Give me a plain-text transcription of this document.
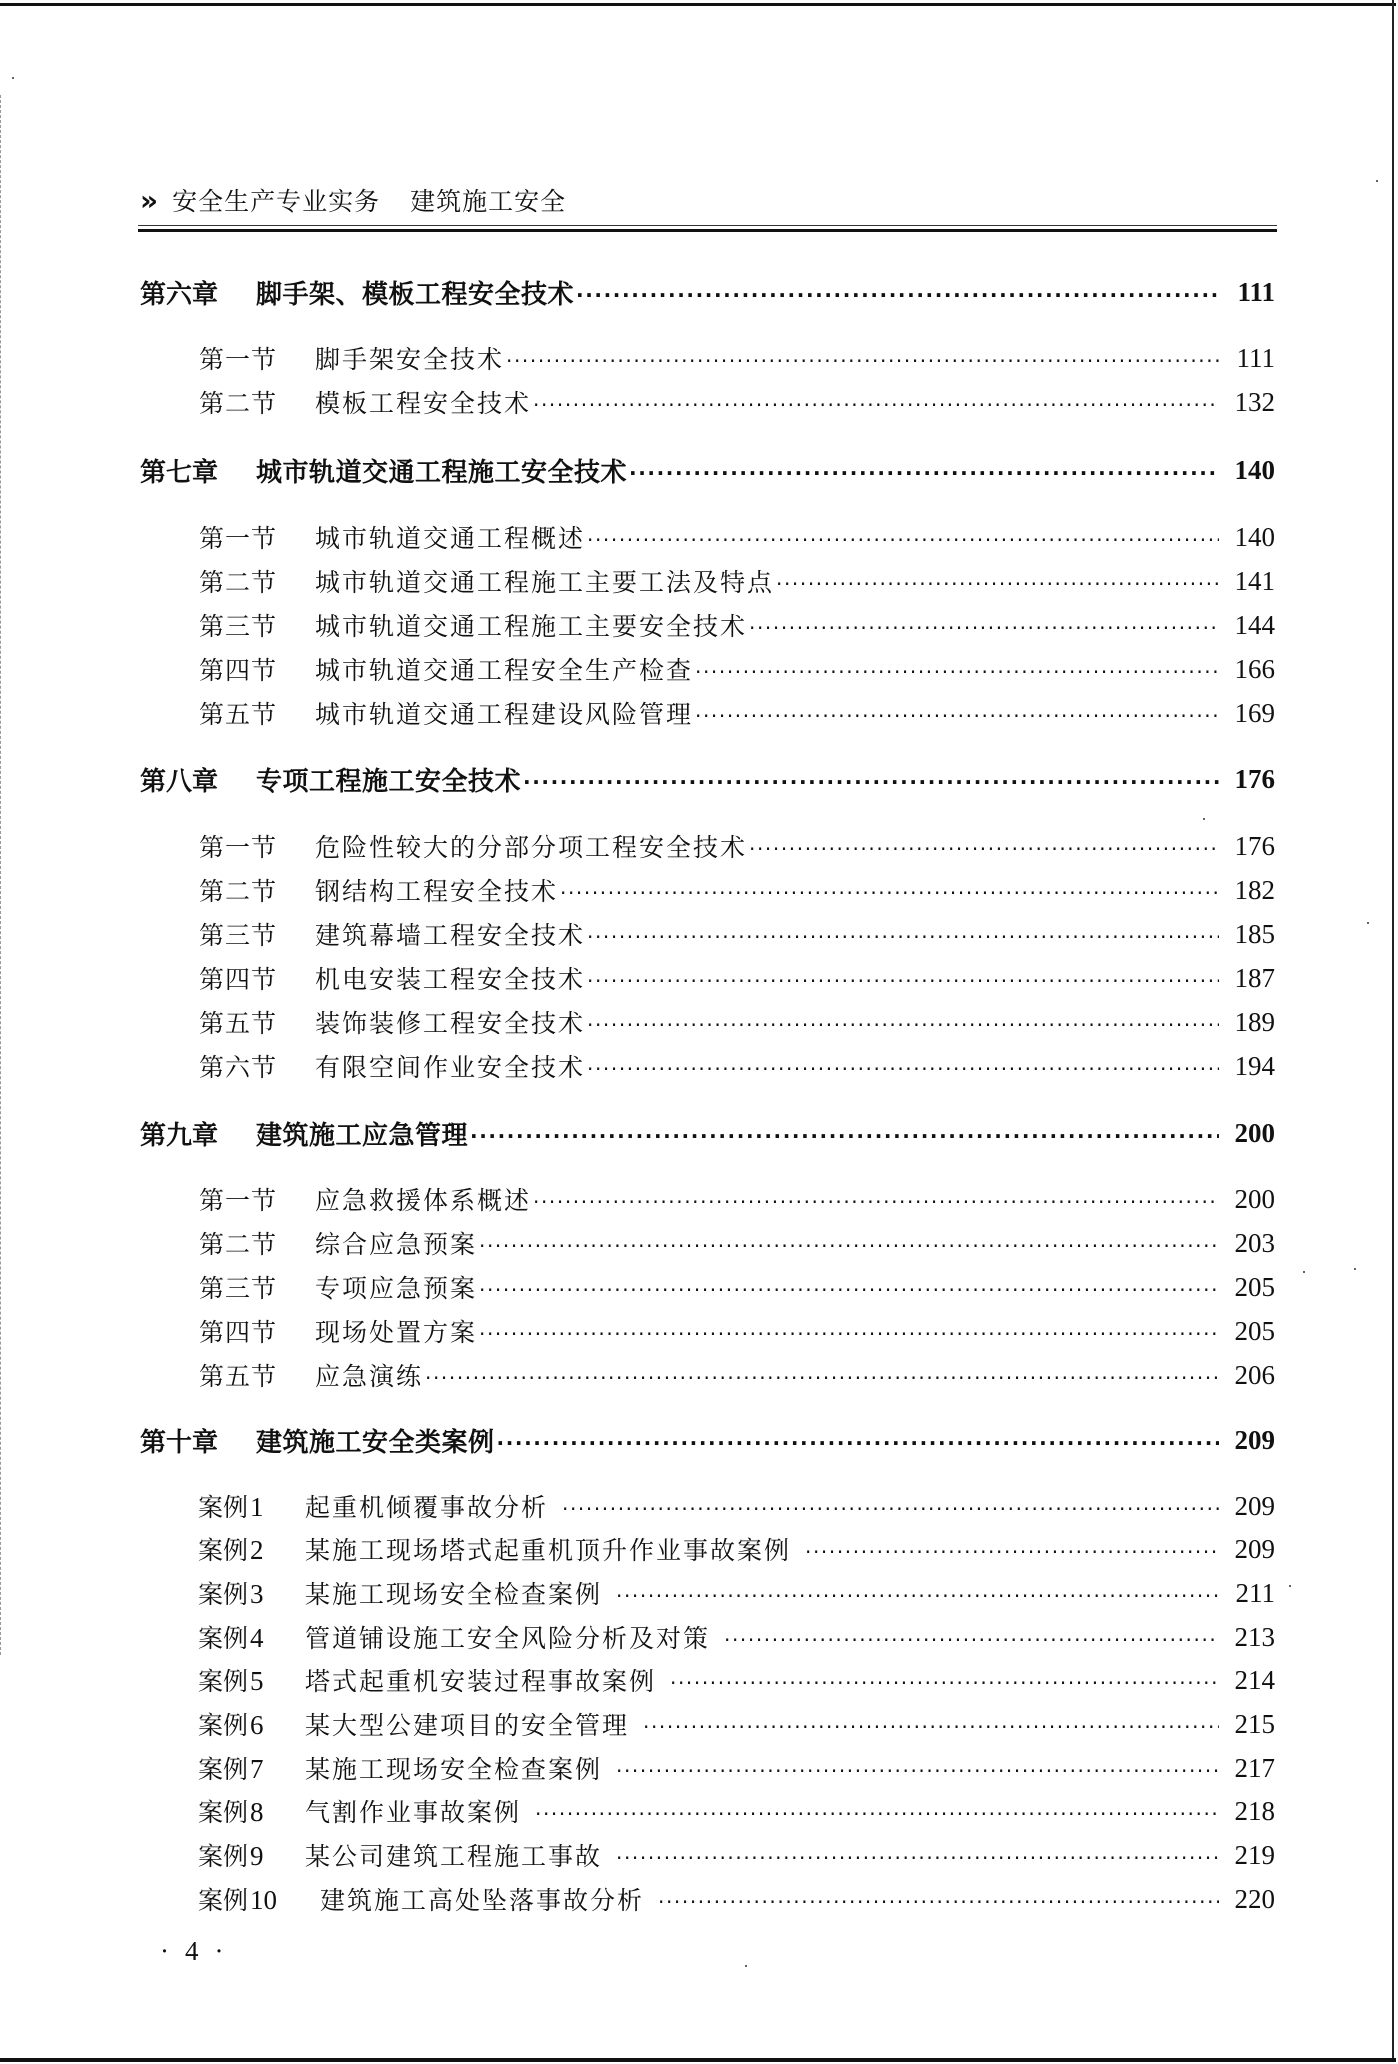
» 安全生产专业实务 建筑施工安全
第六章	脚手架、模板工程安全技术 ·····	111
第一节	脚手架安全技术 ·····	111
第二节	模板工程安全技术 ·····	132
第七章	城市轨道交通工程施工安全技术 ·····	140
第一节	城市轨道交通工程概述 ·····	140
第二节	城市轨道交通工程施工主要工法及特点 ·····	141
第三节	城市轨道交通工程施工主要安全技术 ·····	144
第四节	城市轨道交通工程安全生产检查 ·····	166
第五节	城市轨道交通工程建设风险管理 ·····	169
第八章	专项工程施工安全技术 ·····	176
第一节	危险性较大的分部分项工程安全技术 ·····	176
第二节	钢结构工程安全技术 ·····	182
第三节	建筑幕墙工程安全技术 ·····	185
第四节	机电安装工程安全技术 ·····	187
第五节	装饰装修工程安全技术 ·····	189
第六节	有限空间作业安全技术 ·····	194
第九章	建筑施工应急管理 ·····	200
第一节	应急救援体系概述 ·····	200
第二节	综合应急预案 ·····	203
第三节	专项应急预案 ·····	205
第四节	现场处置方案 ·····	205
第五节	应急演练 ·····	206
第十章	建筑施工安全类案例 ·····	209
案例1	起重机倾覆事故分析 ·····	209
案例2	某施工现场塔式起重机顶升作业事故案例 ·····	209
案例3	某施工现场安全检查案例 ·····	211
案例4	管道铺设施工安全风险分析及对策 ·····	213
案例5	塔式起重机安装过程事故案例 ·····	214
案例6	某大型公建项目的安全管理 ·····	215
案例7	某施工现场安全检查案例 ·····	217
案例8	气割作业事故案例 ·····	218
案例9	某公司建筑工程施工事故 ·····	219
案例10	建筑施工高处坠落事故分析 ·····	220
· 4 ·
